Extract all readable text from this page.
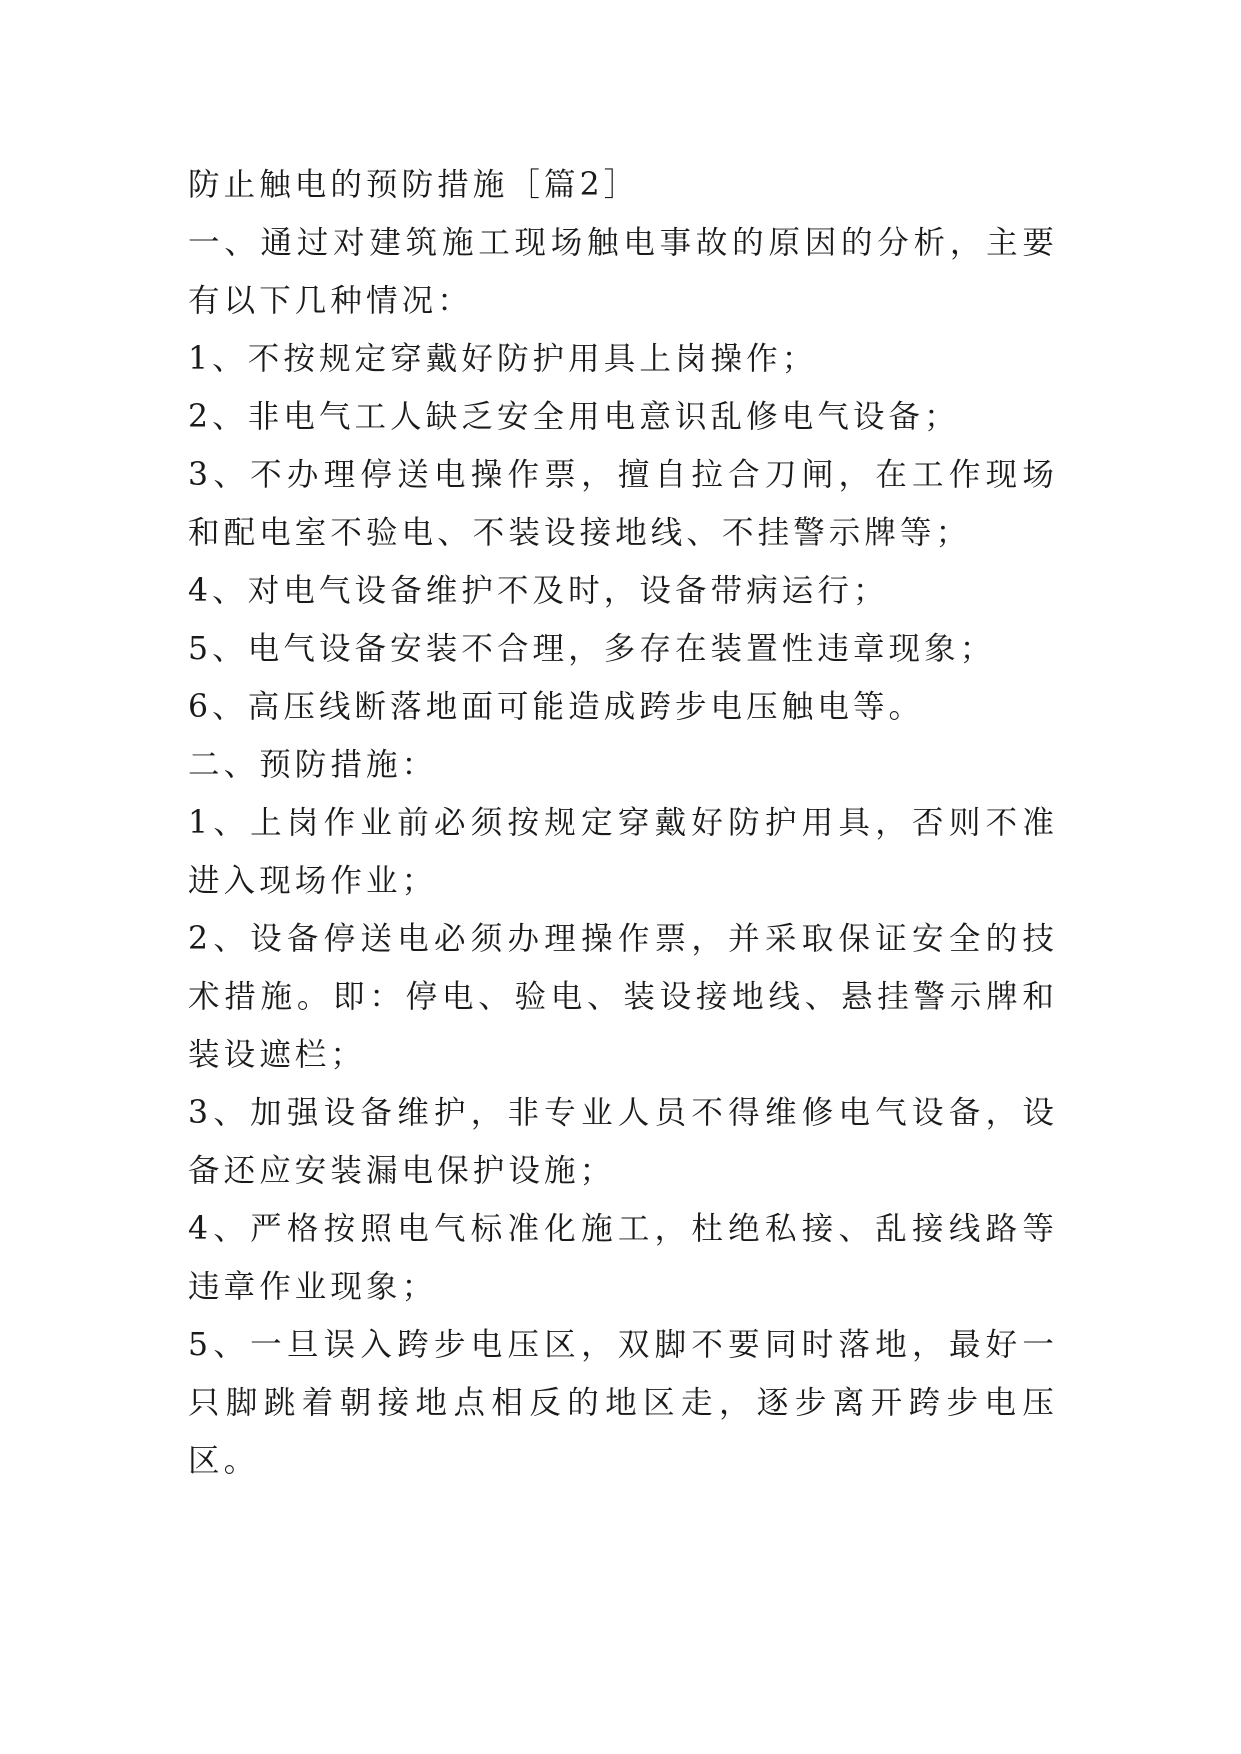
防止触电的预防措施［篇2］

一、通过对建筑施工现场触电事故的原因的分析，主要有以下几种情况：

1、不按规定穿戴好防护用具上岗操作；

2、非电气工人缺乏安全用电意识乱修电气设备；

3、不办理停送电操作票，擅自拉合刀闸，在工作现场和配电室不验电、不装设接地线、不挂警示牌等；

4、对电气设备维护不及时，设备带病运行；

5、电气设备安装不合理，多存在装置性违章现象；

6、高压线断落地面可能造成跨步电压触电等。

二、预防措施：

1、上岗作业前必须按规定穿戴好防护用具，否则不准进入现场作业；

2、设备停送电必须办理操作票，并采取保证安全的技术措施。即：停电、验电、装设接地线、悬挂警示牌和装设遮栏；

3、加强设备维护，非专业人员不得维修电气设备，设备还应安装漏电保护设施；

4、严格按照电气标准化施工，杜绝私接、乱接线路等违章作业现象；

5、一旦误入跨步电压区，双脚不要同时落地，最好一只脚跳着朝接地点相反的地区走，逐步离开跨步电压区。
